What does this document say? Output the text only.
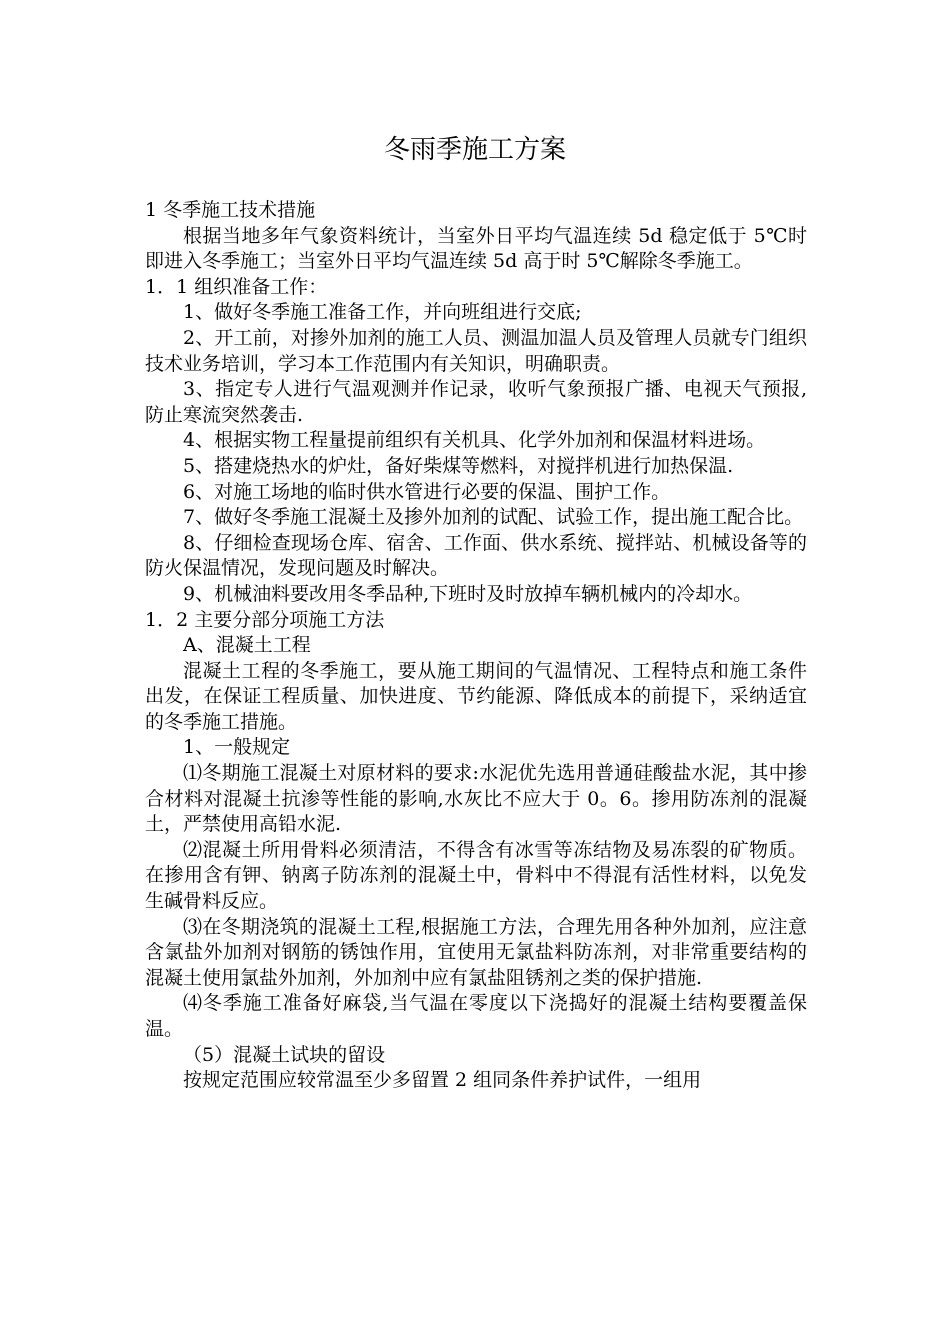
冬雨季施工方案

1 冬季施工技术措施

根据当地多年气象资料统计，当室外日平均气温连续 5d 稳定低于 5℃时即进入冬季施工；当室外日平均气温连续 5d 高于时 5℃解除冬季施工。

1．1 组织准备工作：

1、做好冬季施工准备工作，并向班组进行交底;

2、开工前，对掺外加剂的施工人员、测温加温人员及管理人员就专门组织技术业务培训，学习本工作范围内有关知识，明确职责。

3、指定专人进行气温观测并作记录，收听气象预报广播、电视天气预报,防止寒流突然袭击.

4、根据实物工程量提前组织有关机具、化学外加剂和保温材料进场。

5、搭建烧热水的炉灶，备好柴煤等燃料，对搅拌机进行加热保温.

6、对施工场地的临时供水管进行必要的保温、围护工作。

7、做好冬季施工混凝土及掺外加剂的试配、试验工作，提出施工配合比。

8、仔细检查现场仓库、宿舍、工作面、供水系统、搅拌站、机械设备等的防火保温情况，发现问题及时解决。

9、机械油料要改用冬季品种,下班时及时放掉车辆机械内的冷却水。

1．2 主要分部分项施工方法

A、混凝土工程

混凝土工程的冬季施工，要从施工期间的气温情况、工程特点和施工条件出发，在保证工程质量、加快进度、节约能源、降低成本的前提下，采纳适宜的冬季施工措施。

1、一般规定

⑴冬期施工混凝土对原材料的要求:水泥优先选用普通硅酸盐水泥，其中掺合材料对混凝土抗渗等性能的影响,水灰比不应大于 0。6。掺用防冻剂的混凝土，严禁使用高铅水泥.

⑵混凝土所用骨料必须清洁，不得含有冰雪等冻结物及易冻裂的矿物质。在掺用含有钾、钠离子防冻剂的混凝土中，骨料中不得混有活性材料，以免发生碱骨料反应。

⑶在冬期浇筑的混凝土工程,根据施工方法，合理先用各种外加剂，应注意含氯盐外加剂对钢筋的锈蚀作用，宜使用无氯盐料防冻剂，对非常重要结构的混凝土使用氯盐外加剂，外加剂中应有氯盐阻锈剂之类的保护措施.

⑷冬季施工准备好麻袋,当气温在零度以下浇捣好的混凝土结构要覆盖保温。

（5）混凝土试块的留设

按规定范围应较常温至少多留置 2 组同条件养护试件，一组用
